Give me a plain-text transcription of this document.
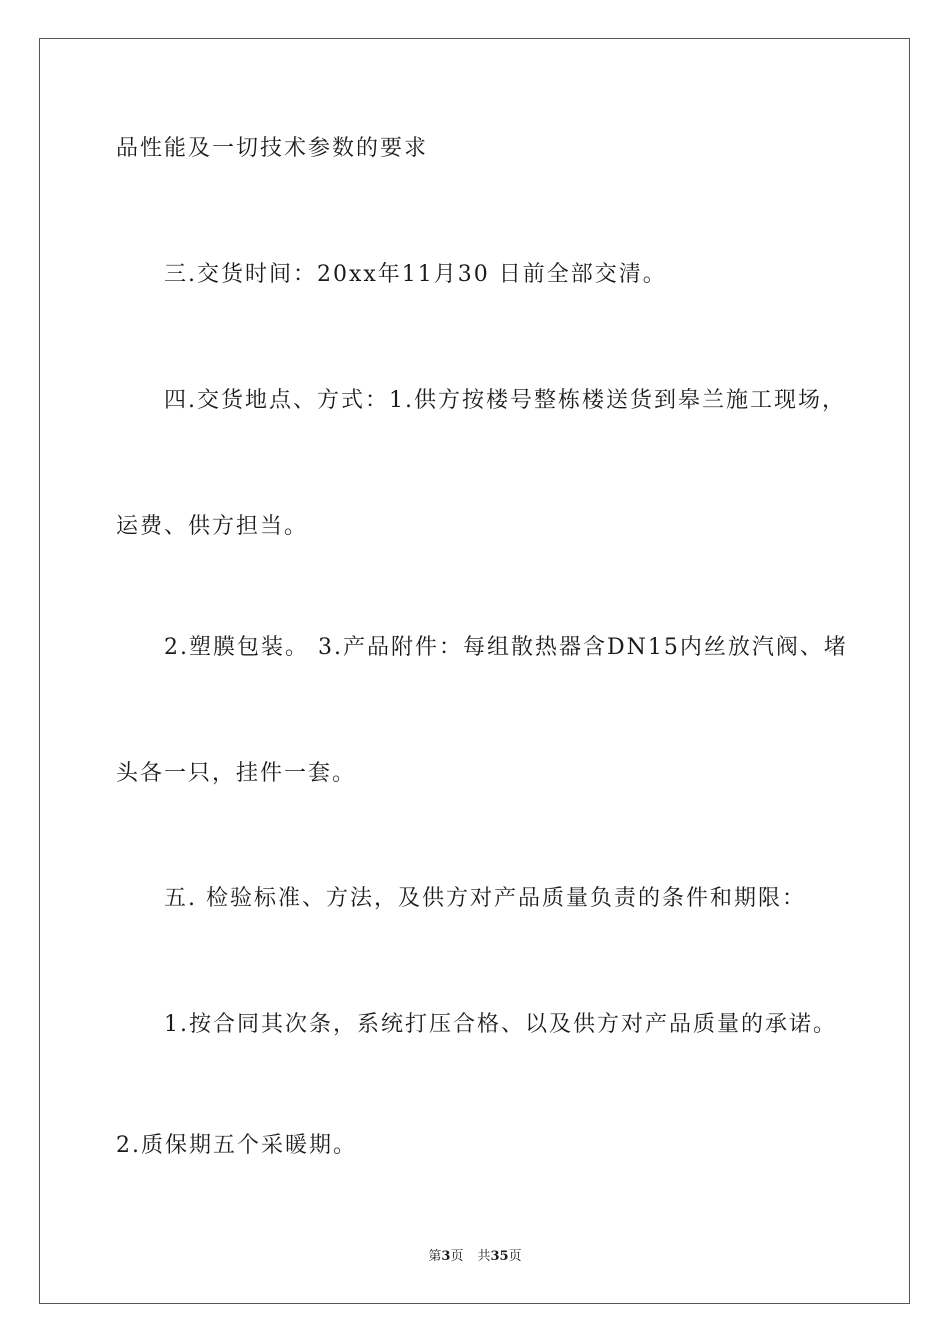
品性能及一切技术参数的要求
三.交货时间：20xx年11月30 日前全部交清。
四.交货地点、方式：1.供方按楼号整栋楼送货到皋兰施工现场，
运费、供方担当。
2.塑膜包装。 3.产品附件：每组散热器含DN15内丝放汽阀、堵
头各一只，挂件一套。
五. 检验标准、方法，及供方对产品质量负责的条件和期限：
1.按合同其次条，系统打压合格、以及供方对产品质量的承诺。
2.质保期五个采暖期。
第3页 共35页
